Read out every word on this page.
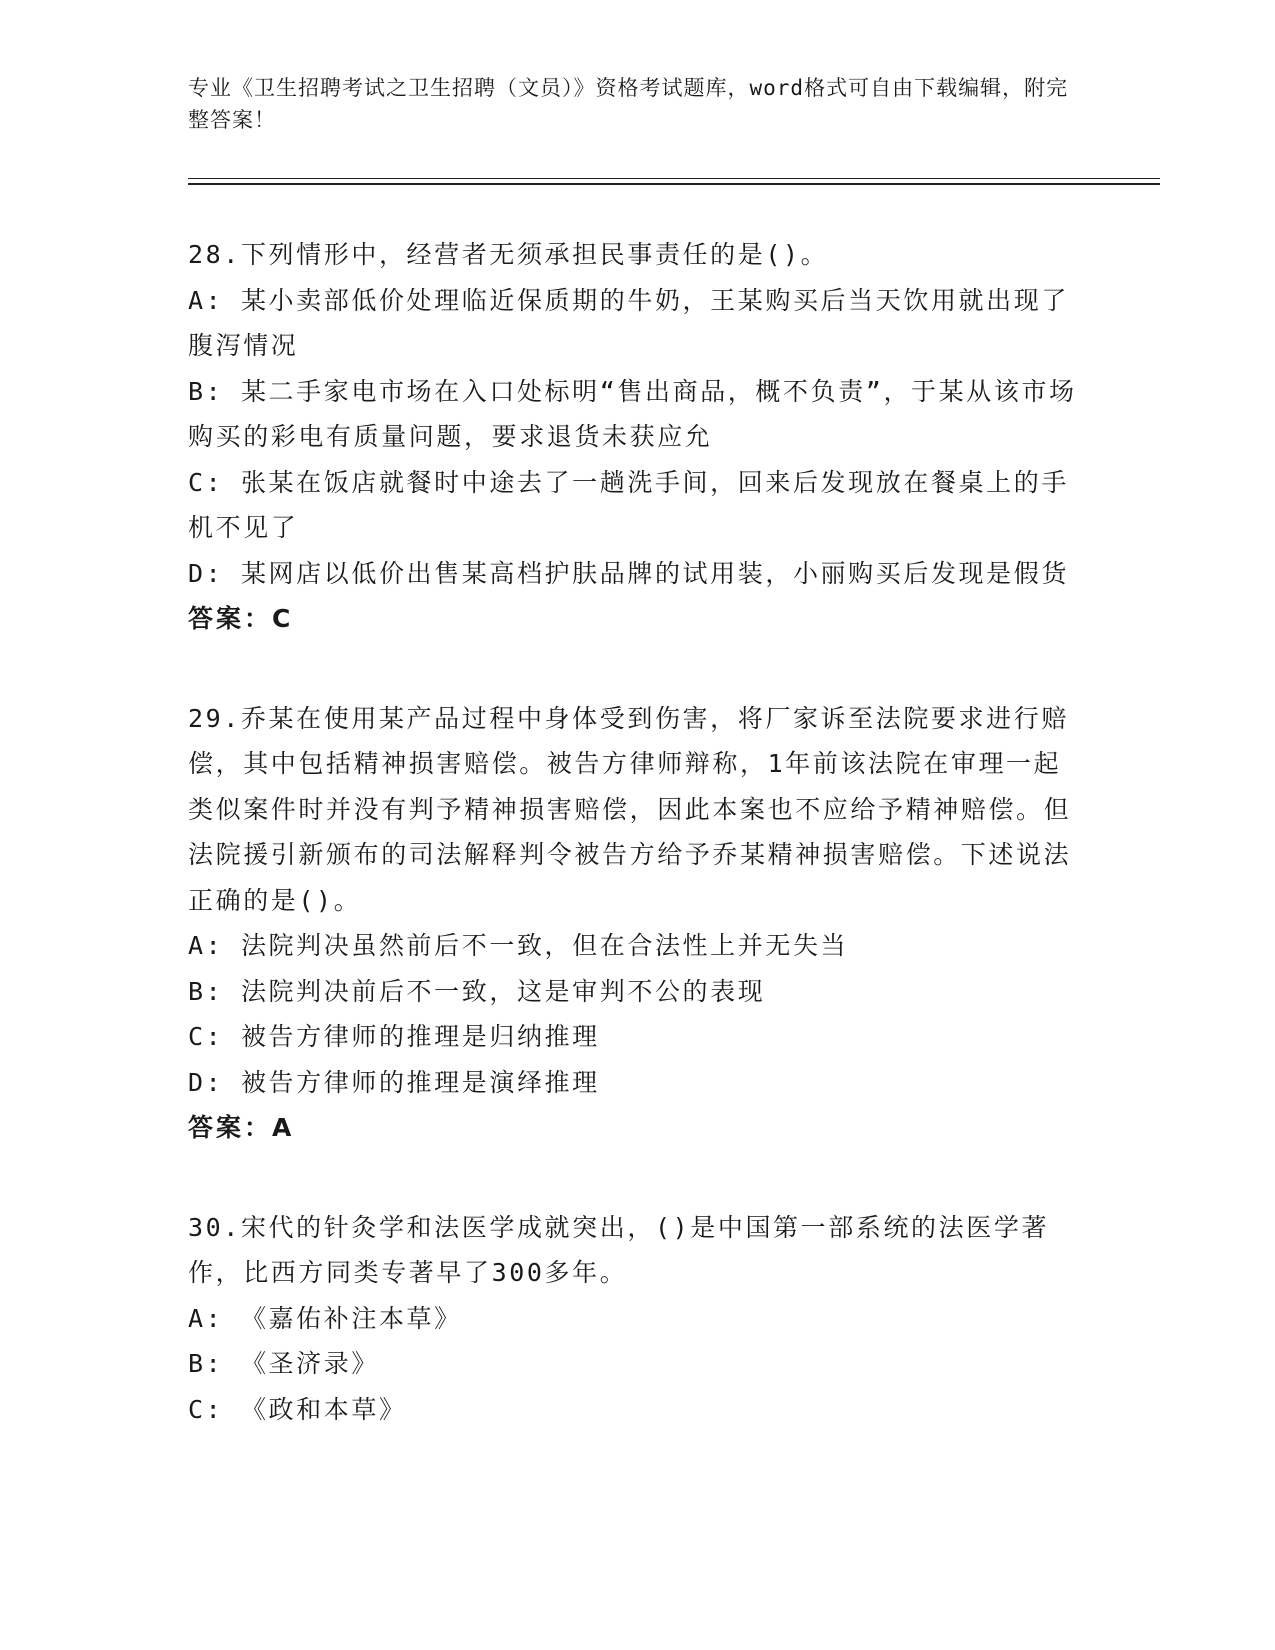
专业《卫生招聘考试之卫生招聘（文员）》资格考试题库，word格式可自由下载编辑，附完整答案！

28.下列情形中，经营者无须承担民事责任的是()。

A: 某小卖部低价处理临近保质期的牛奶，王某购买后当天饮用就出现了腹泻情况

B: 某二手家电市场在入口处标明“售出商品，概不负责”，于某从该市场购买的彩电有质量问题，要求退货未获应允

C: 张某在饭店就餐时中途去了一趟洗手间，回来后发现放在餐桌上的手机不见了

D: 某网店以低价出售某高档护肤品牌的试用装，小丽购买后发现是假货

答案：C

29.乔某在使用某产品过程中身体受到伤害，将厂家诉至法院要求进行赔偿，其中包括精神损害赔偿。被告方律师辩称，1年前该法院在审理一起类似案件时并没有判予精神损害赔偿，因此本案也不应给予精神赔偿。但法院援引新颁布的司法解释判令被告方给予乔某精神损害赔偿。下述说法正确的是()。

A: 法院判决虽然前后不一致，但在合法性上并无失当

B: 法院判决前后不一致，这是审判不公的表现

C: 被告方律师的推理是归纳推理

D: 被告方律师的推理是演绎推理

答案：A

30.宋代的针灸学和法医学成就突出，()是中国第一部系统的法医学著作，比西方同类专著早了300多年。

A: 《嘉佑补注本草》

B: 《圣济录》

C: 《政和本草》
